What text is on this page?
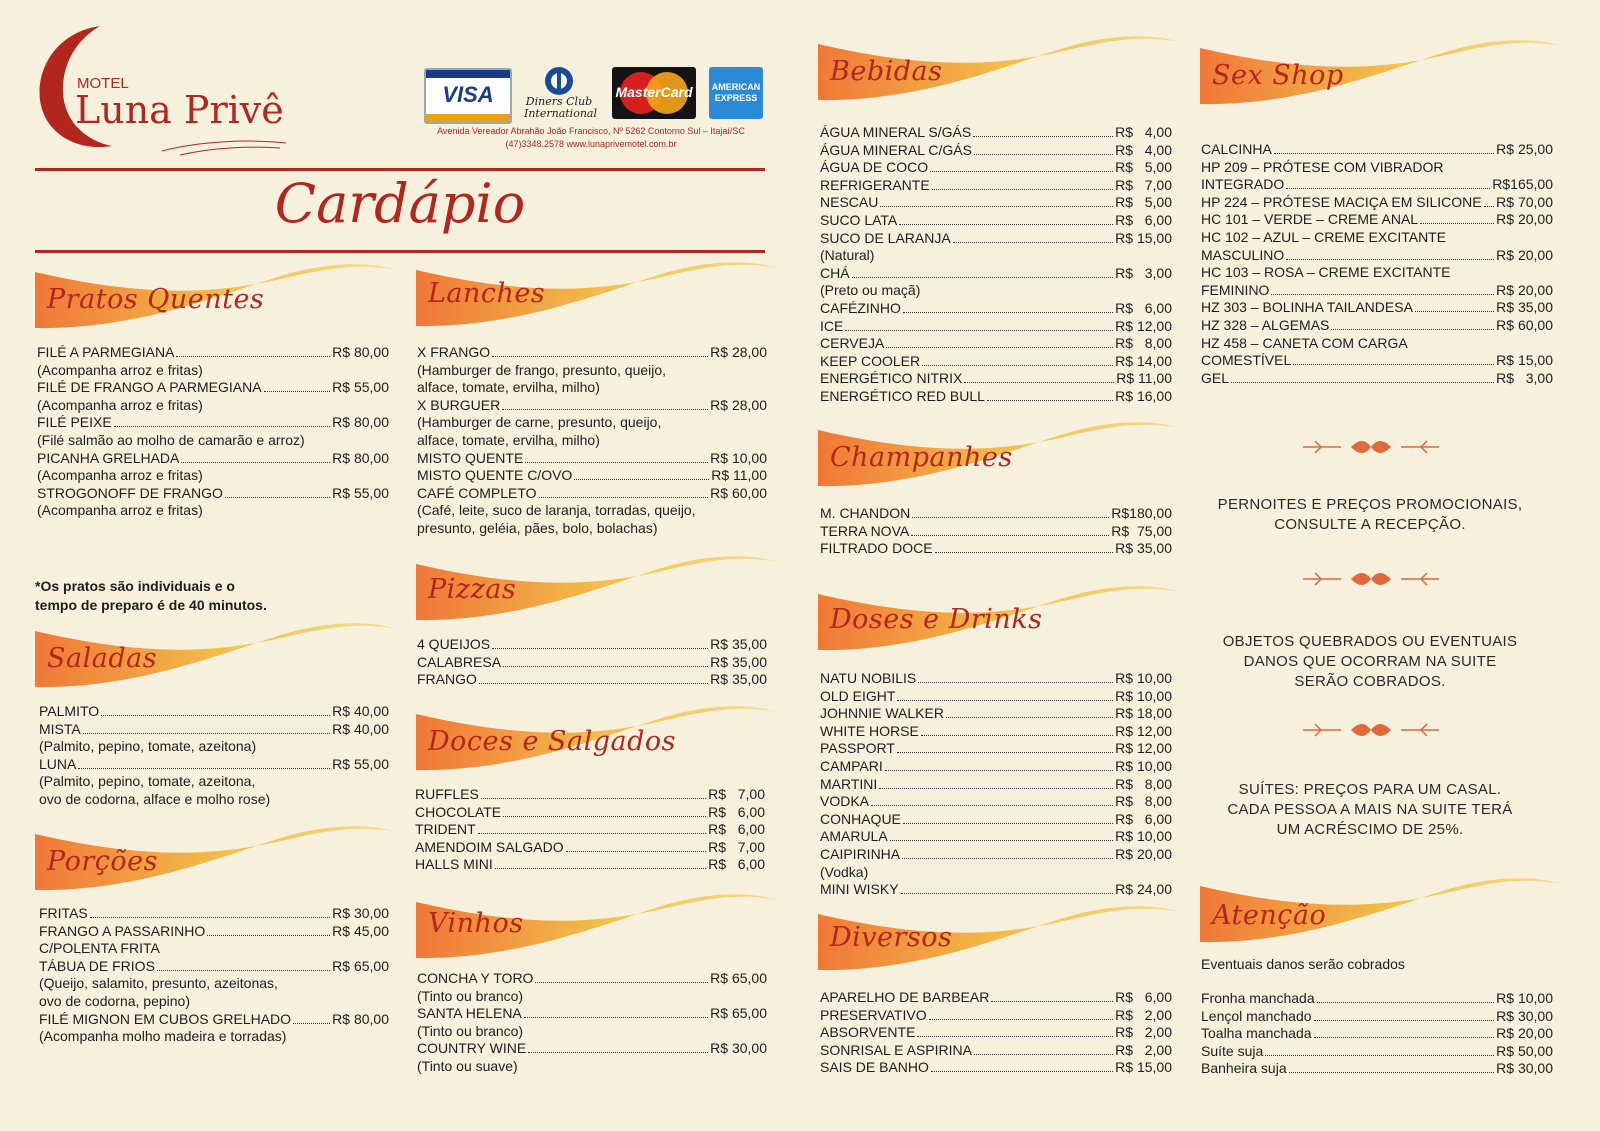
MOTEL
Luna Privê	VISA	Diners Club
International
MasterCard	AMERICAN
EXPRESS
Avenida Vereador Abrahão João Francisco, Nº 5262 Contorno Sul – Itajaí/SC
(47)3348.2578 www.lunaprivemotel.com.br
Cardápio
Pratos Quentes
FILÉ A PARMEGIANA	R$ 80,00
(Acompanha arroz e fritas)
FILÉ DE FRANGO A PARMEGIANA	R$ 55,00
(Acompanha arroz e fritas)
FILÉ PEIXE	R$ 80,00
(Filé salmão ao molho de camarão e arroz)
PICANHA GRELHADA	R$ 80,00
(Acompanha arroz e fritas)
STROGONOFF DE FRANGO	R$ 55,00
(Acompanha arroz e fritas)
*Os pratos são individuais e o
tempo de preparo é de 40 minutos.
Saladas
PALMITO	R$ 40,00
MISTA	R$ 40,00
(Palmito, pepino, tomate, azeitona)
LUNA	R$ 55,00
(Palmito, pepino, tomate, azeitona,
ovo de codorna, alface e molho rose)
Porções
FRITAS	R$ 30,00
FRANGO A PASSARINHO	R$ 45,00
C/POLENTA FRITA
TÁBUA DE FRIOS	R$ 65,00
(Queijo, salamito, presunto, azeitonas,
ovo de codorna, pepino)
FILÉ MIGNON EM CUBOS GRELHADO	R$ 80,00
(Acompanha molho madeira e torradas)
Lanches
X FRANGO	R$ 28,00
(Hamburger de frango, presunto, queijo,
alface, tomate, ervilha, milho)
X BURGUER	R$ 28,00
(Hamburger de carne, presunto, queijo,
alface, tomate, ervilha, milho)
MISTO QUENTE	R$ 10,00
MISTO QUENTE C/OVO	R$ 11,00
CAFÉ COMPLETO	R$ 60,00
(Café, leite, suco de laranja, torradas, queijo,
presunto, geléia, pães, bolo, bolachas)
Pizzas
4 QUEIJOS	R$ 35,00
CALABRESA	R$ 35,00
FRANGO	R$ 35,00
Doces e Salgados
RUFFLES	R$   7,00
CHOCOLATE	R$   6,00
TRIDENT	R$   6,00
AMENDOIM SALGADO	R$   7,00
HALLS MINI	R$   6,00
Vinhos
CONCHA Y TORO	R$ 65,00
(Tinto ou branco)
SANTA HELENA	R$ 65,00
(Tinto ou branco)
COUNTRY WINE	R$ 30,00
(Tinto ou suave)
Bebidas
ÁGUA MINERAL S/GÁS	R$   4,00
ÁGUA MINERAL C/GÁS	R$   4,00
ÁGUA DE COCO	R$   5,00
REFRIGERANTE	R$   7,00
NESCAU	R$   5,00
SUCO LATA	R$   6,00
SUCO DE LARANJA	R$ 15,00
(Natural)
CHÁ	R$   3,00
(Preto ou maçã)
CAFÉZINHO	R$   6,00
ICE	R$ 12,00
CERVEJA	R$   8,00
KEEP COOLER	R$ 14,00
ENERGÉTICO NITRIX	R$ 11,00
ENERGÉTICO RED BULL	R$ 16,00
Champanhes
M. CHANDON	R$180,00
TERRA NOVA	R$  75,00
FILTRADO DOCE	R$ 35,00
Doses e Drinks
NATU NOBILIS	R$ 10,00
OLD EIGHT	R$ 10,00
JOHNNIE WALKER	R$ 18,00
WHITE HORSE	R$ 12,00
PASSPORT	R$ 12,00
CAMPARI	R$ 10,00
MARTINI	R$   8,00
VODKA	R$   8,00
CONHAQUE	R$   6,00
AMARULA	R$ 10,00
CAIPIRINHA	R$ 20,00
(Vodka)
MINI WISKY	R$ 24,00
Diversos
APARELHO DE BARBEAR	R$   6,00
PRESERVATIVO	R$   2,00
ABSORVENTE	R$   2,00
SONRISAL E ASPIRINA	R$   2,00
SAIS DE BANHO	R$ 15,00
Sex Shop
CALCINHA	R$ 25,00
HP 209 – PRÓTESE COM VIBRADOR
INTEGRADO	R$165,00
HP 224 – PRÓTESE MACIÇA EM SILICONE R$ 70,00
HC 101 – VERDE – CREME ANAL	R$ 20,00
HC 102 – AZUL – CREME EXCITANTE
MASCULINO	R$ 20,00
HC 103 – ROSA – CREME EXCITANTE
FEMININO	R$ 20,00
HZ 303 – BOLINHA TAILANDESA	R$ 35,00
HZ 328 – ALGEMAS	R$ 60,00
HZ 458 – CANETA COM CARGA
COMESTÍVEL	R$ 15,00
GEL	R$   3,00
PERNOITES E PREÇOS PROMOCIONAIS,
CONSULTE A RECEPÇÃO.
OBJETOS QUEBRADOS OU EVENTUAIS
DANOS QUE OCORRAM NA SUITE
SERÃO COBRADOS.
SUÍTES: PREÇOS PARA UM CASAL.
CADA PESSOA A MAIS NA SUITE TERÁ
UM ACRÉSCIMO DE 25%.
Atenção
Eventuais danos serão cobrados
Fronha manchada	R$ 10,00
Lençol manchado	R$ 30,00
Toalha manchada	R$ 20,00
Suíte suja	R$ 50,00
Banheira suja	R$ 30,00
